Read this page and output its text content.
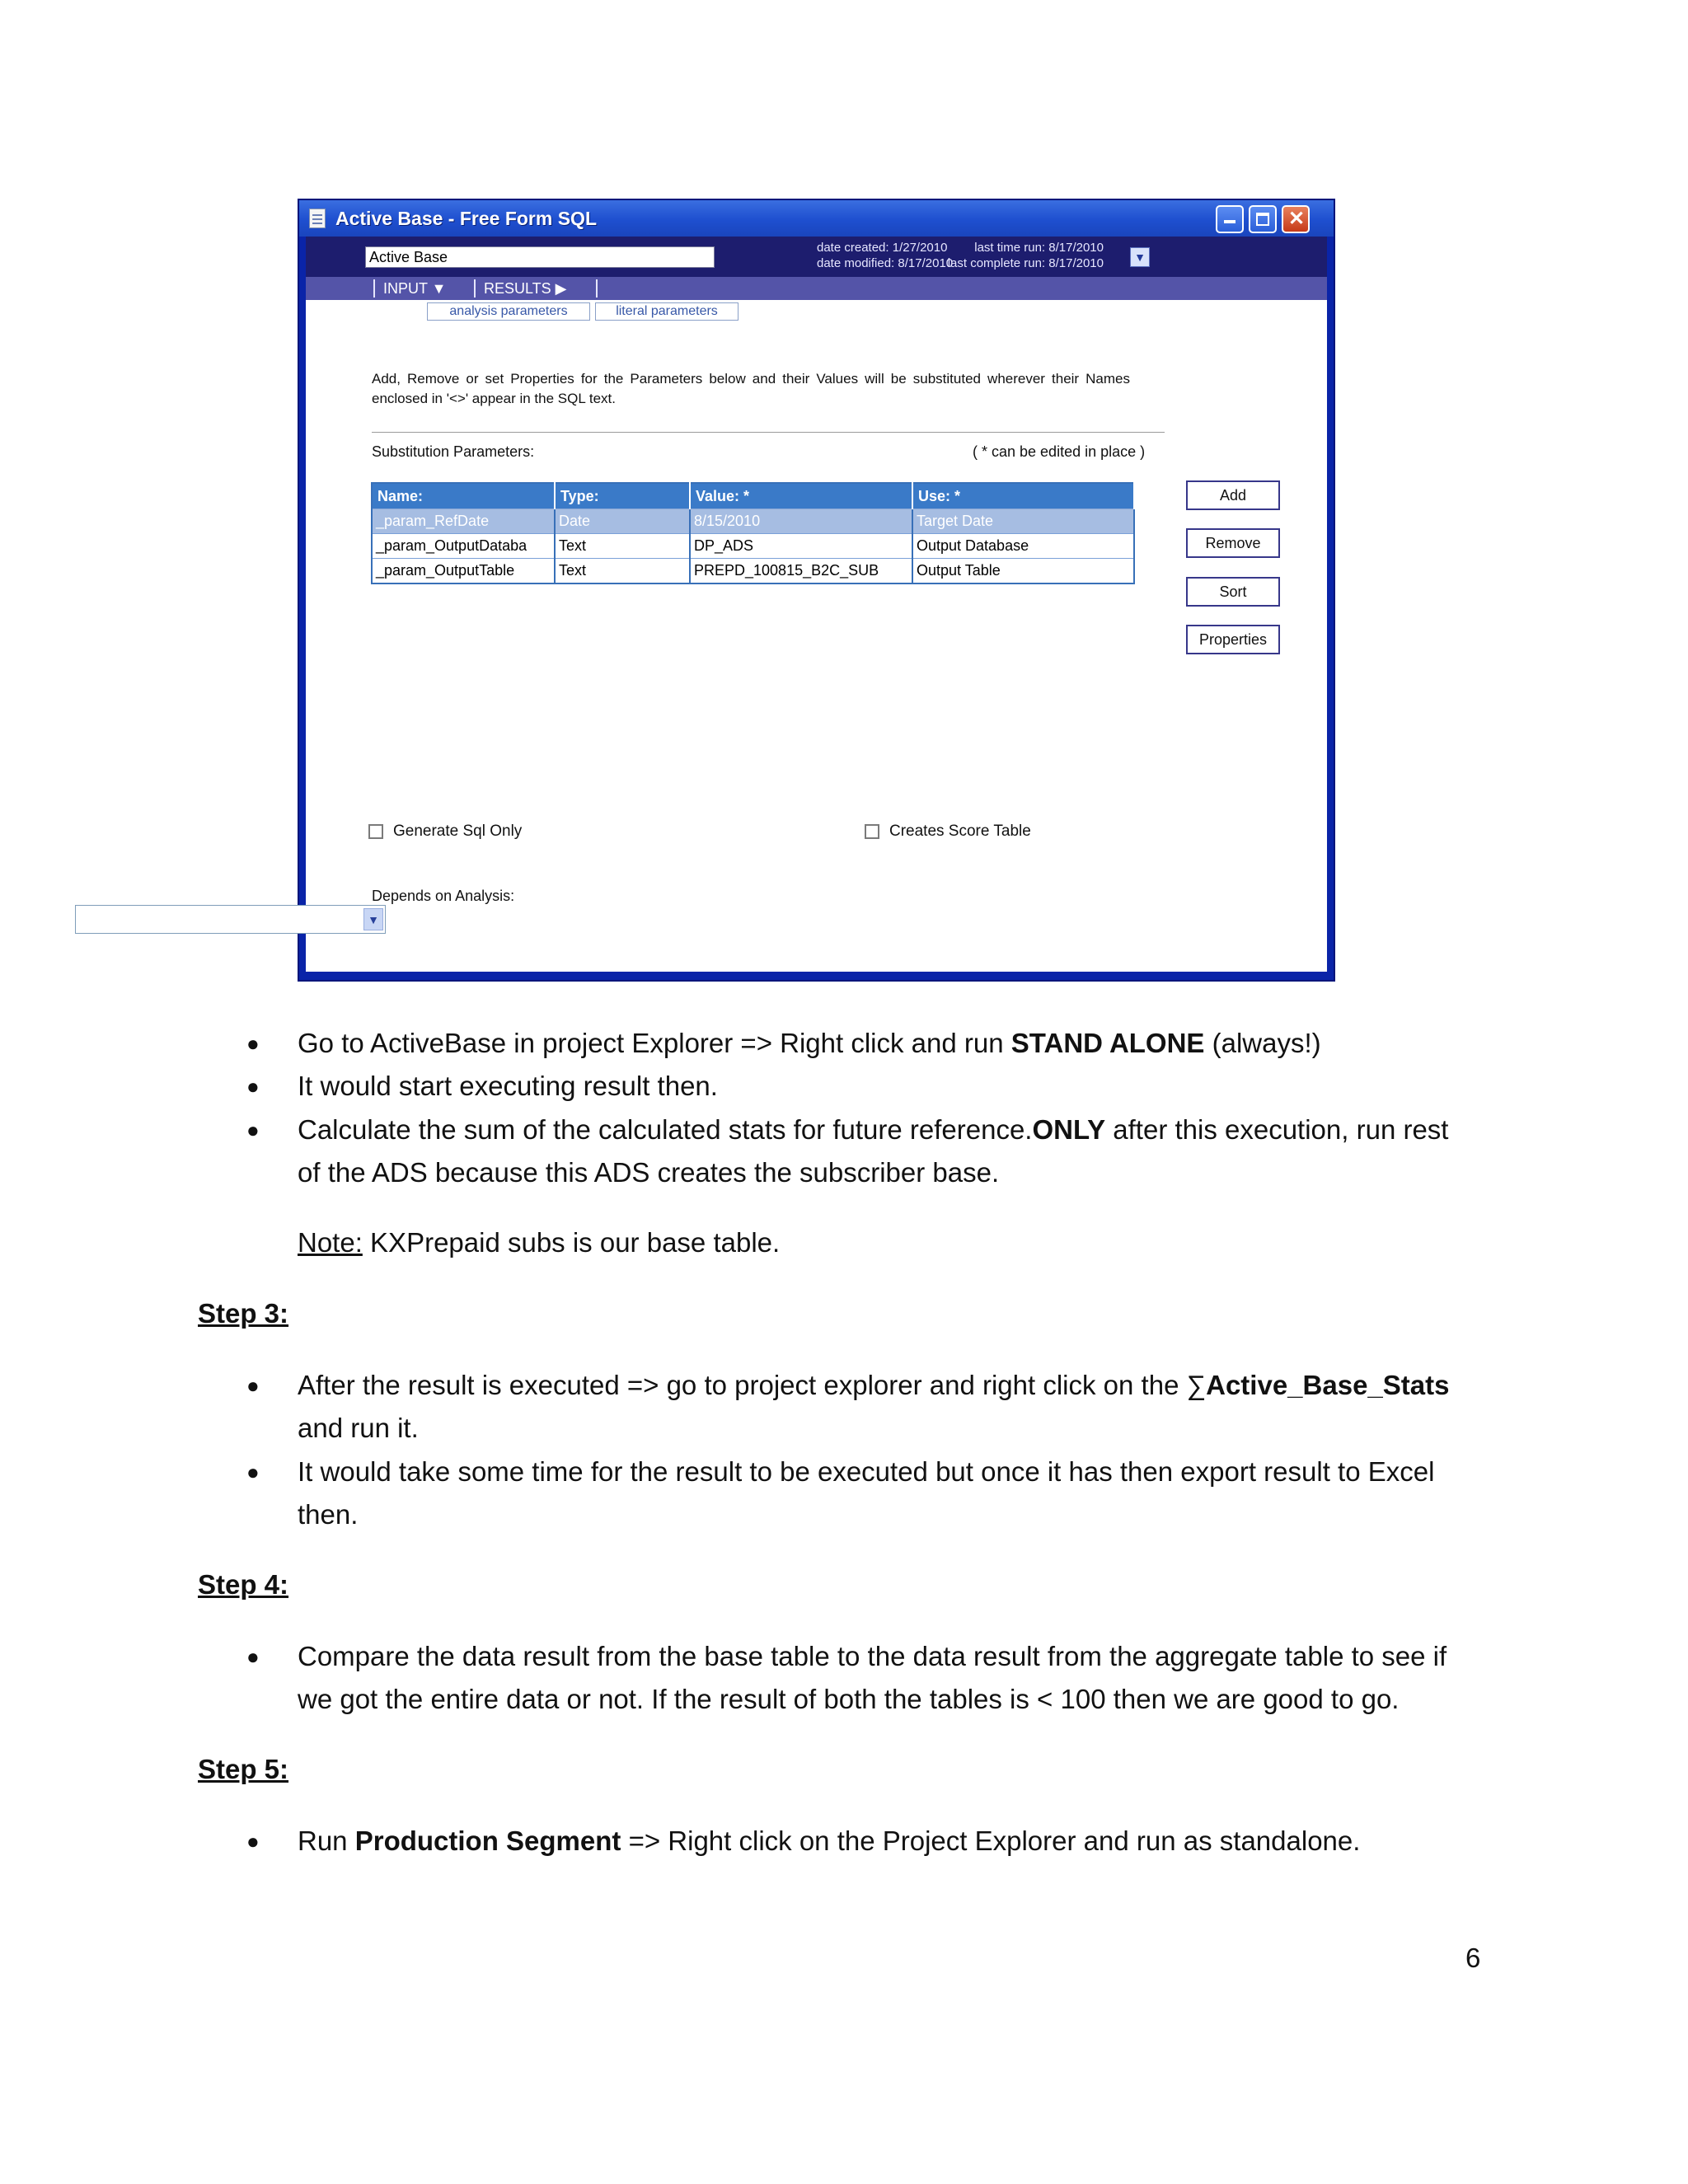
Active Base - Free Form SQL	✕
Active Base
date created: 1/27/2010
date modified: 8/17/2010
last time run: 8/17/2010
last complete run: 8/17/2010	▼
INPUT ▼	RESULTS ▶
analysis parameters	literal parameters
Add, Remove or set Properties for the Parameters below and their Values will be substituted wherever their Names enclosed in '<>' appear in the SQL text.
Substitution Parameters:	( * can be edited in place )
Name:	Type:	Value: *	Use: *
_param_RefDate	Date	8/15/2010	Target Date
_param_OutputDataba	Text	DP_ADS	Output Database
_param_OutputTable	Text	PREPD_100815_B2C_SUB	Output Table
Add
Remove
Sort
Properties
Generate Sql Only	Creates Score Table
Depends on Analysis:
▼
● Go to ActiveBase in project Explorer => Right click and run STAND ALONE (always!)
● It would start executing result then.
● Calculate the sum of the calculated stats for future reference.ONLY after this execution, run rest
of the ADS because this ADS creates the subscriber base.
Note: KXPrepaid subs is our base table.
Step 3:
● After the result is executed => go to project explorer and right click on the ∑Active_Base_Stats
and run it.
● It would take some time for the result to be executed but once it has then export result to Excel
then.
Step 4:
● Compare the data result from the base table to the data result from the aggregate table to see if
we got the entire data or not. If the result of both the tables is < 100 then we are good to go.
Step 5:
● Run Production Segment => Right click on the Project Explorer and run as standalone.
6
